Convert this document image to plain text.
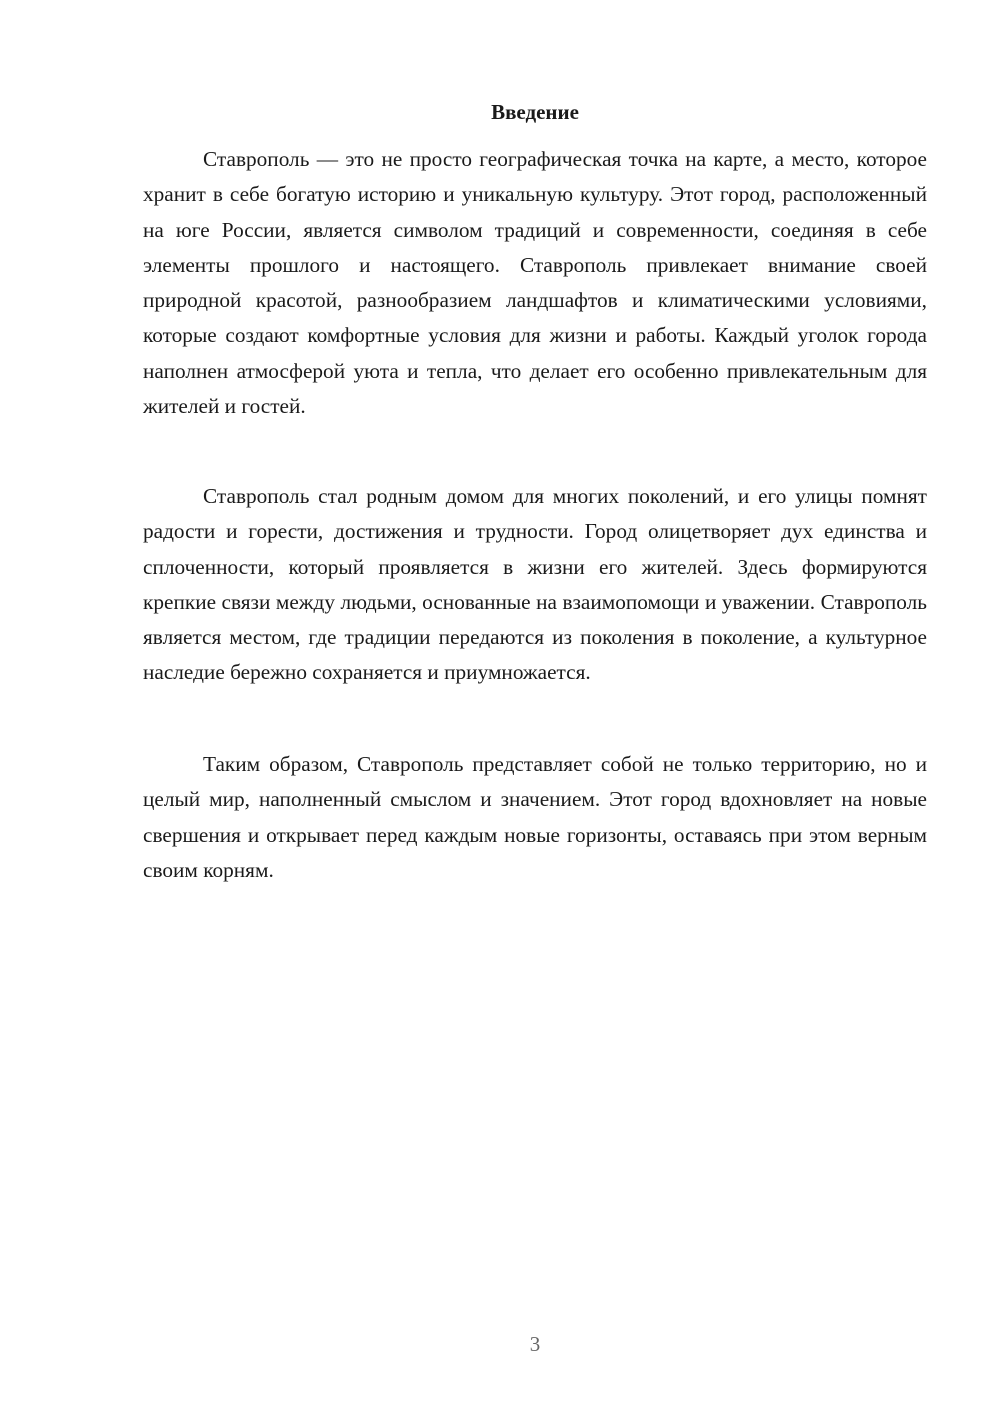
Введение

Ставрополь — это не просто географическая точка на карте, а место, которое хранит в себе богатую историю и уникальную культуру. Этот город, расположенный на юге России, является символом традиций и современности, соединяя в себе элементы прошлого и настоящего. Ставрополь привлекает внимание своей природной красотой, разнообразием ландшафтов и климатическими условиями, которые создают комфортные условия для жизни и работы. Каждый уголок города наполнен атмосферой уюта и тепла, что делает его особенно привлекательным для жителей и гостей.

Ставрополь стал родным домом для многих поколений, и его улицы помнят радости и горести, достижения и трудности. Город олицетворяет дух единства и сплоченности, который проявляется в жизни его жителей. Здесь формируются крепкие связи между людьми, основанные на взаимопомощи и уважении. Ставрополь является местом, где традиции передаются из поколения в поколение, а культурное наследие бережно сохраняется и приумножается.

Таким образом, Ставрополь представляет собой не только территорию, но и целый мир, наполненный смыслом и значением. Этот город вдохновляет на новые свершения и открывает перед каждым новые горизонты, оставаясь при этом верным своим корням.

3
